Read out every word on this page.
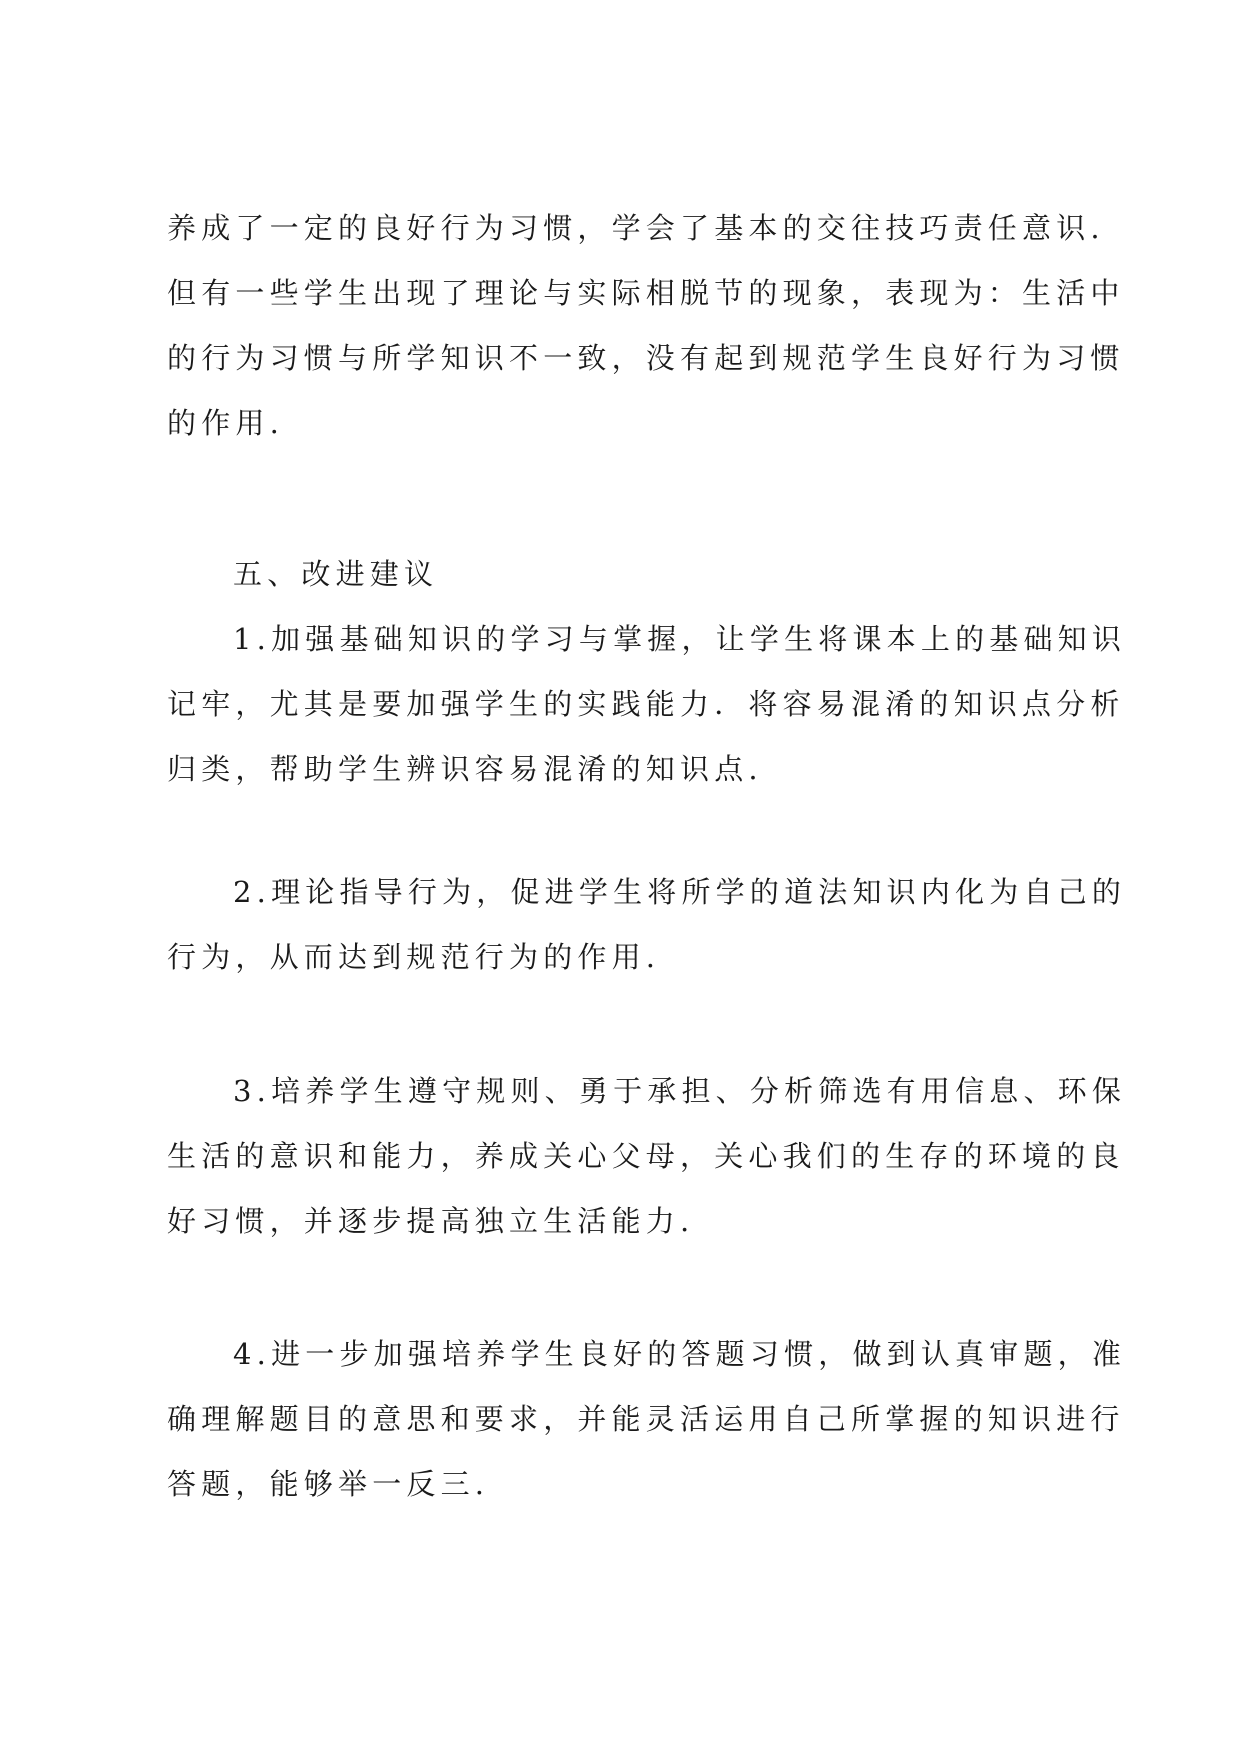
养成了一定的良好行为习惯，学会了基本的交往技巧责任意识.
但有一些学生出现了理论与实际相脱节的现象，表现为：生活中
的行为习惯与所学知识不一致，没有起到规范学生良好行为习惯
的作用.
五、改进建议
1.加强基础知识的学习与掌握，让学生将课本上的基础知识
记牢，尤其是要加强学生的实践能力．将容易混淆的知识点分析
归类，帮助学生辨识容易混淆的知识点.
2.理论指导行为，促进学生将所学的道法知识内化为自己的
行为，从而达到规范行为的作用.
3.培养学生遵守规则、勇于承担、分析筛选有用信息、环保
生活的意识和能力，养成关心父母，关心我们的生存的环境的良
好习惯，并逐步提高独立生活能力.
4.进一步加强培养学生良好的答题习惯，做到认真审题，准
确理解题目的意思和要求，并能灵活运用自己所掌握的知识进行
答题，能够举一反三.
